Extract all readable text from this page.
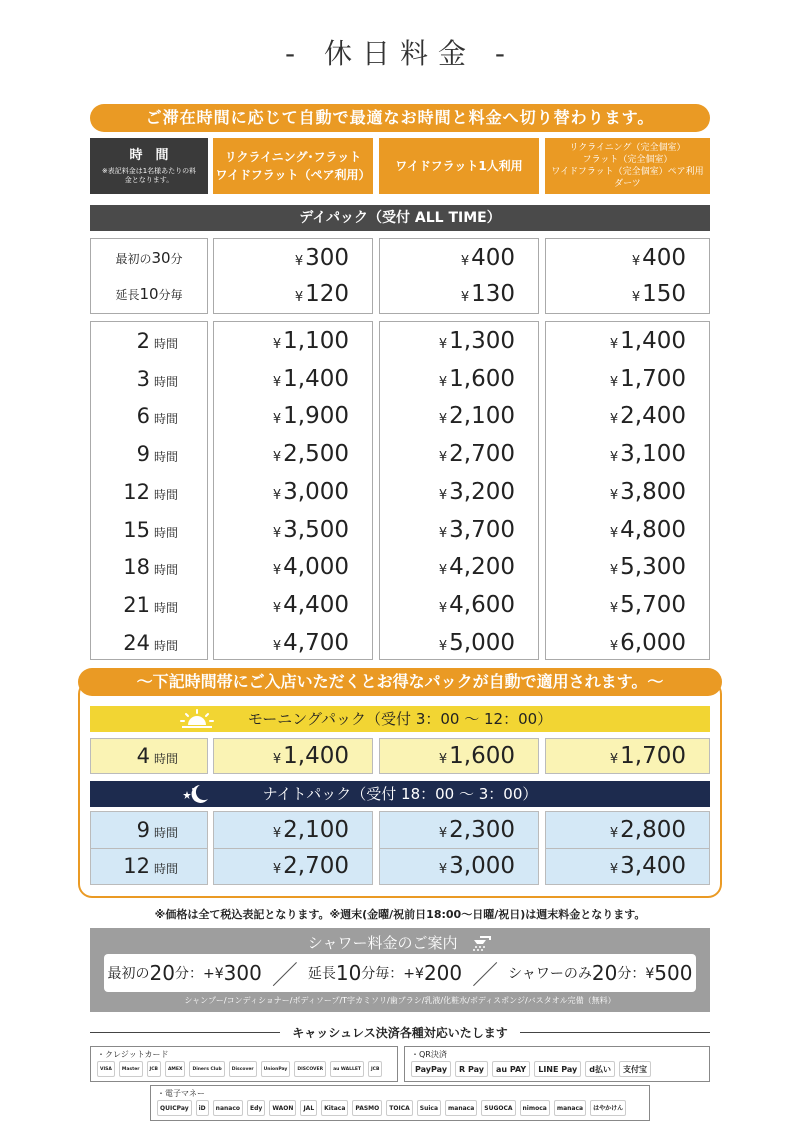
- 休日料金 -
ご滞在時間に応じて自動で最適なお時間と料金へ切り替わります。
時　間
※表記料金は1名様あたりの料金となります。
リクライニング･フラット
ワイドフラット（ペア利用）
ワイドフラット1人利用
リクライニング（完全個室）
フラット（完全個室）
ワイドフラット（完全個室）ペア利用
ダーツ
デイパック（受付 ALL TIME）
最初の30分	¥300	¥400	¥400
延長10分毎	¥120	¥130	¥150
2 時間	¥1,100	¥1,300	¥1,400
3 時間	¥1,400	¥1,600	¥1,700
6 時間	¥1,900	¥2,100	¥2,400
9 時間	¥2,500	¥2,700	¥3,100
12 時間	¥3,000	¥3,200	¥3,800
15 時間	¥3,500	¥3,700	¥4,800
18 時間	¥4,000	¥4,200	¥5,300
21 時間	¥4,400	¥4,600	¥5,700
24 時間	¥4,700	¥5,000	¥6,000
4 時間	¥1,400	¥1,600	¥1,700
9 時間	¥2,100	¥2,300	¥2,800
12 時間	¥2,700	¥3,000	¥3,400
～下記時間帯にご入店いただくとお得なパックが自動で適用されます。～
モーニングパック（受付 3：00 ～ 12：00）
ナイトパック（受付 18：00 ～ 3：00）
※価格は全て税込表記となります。※週末(金曜/祝前日18:00～日曜/祝日)は週末料金となります。
シャワー料金のご案内
最初の 20 分：+¥ 300 ／ 延長 10 分毎：+¥ 200 ／ シャワーのみ 20 分：¥ 500
シャンプー/コンディショナー/ボディソープ/T字カミソリ/歯ブラシ/乳液/化粧水/ボディスポンジ/バスタオル完備（無料）
キャッシュレス決済各種対応いたします
・クレジットカード
VISA	Master	JCB	AMEX	Diners Club	Discover	UnionPay	DISCOVER	au WALLET	JCB
・QR決済
PayPay	R Pay	au PAY	LINE Pay	d払い	支付宝
・電子マネー
QUICPay	iD	nanaco	Edy	WAON	JAL	Kitaca	PASMO	TOICA	Suica	manaca	SUGOCA	nimoca	manaca	はやかけん
